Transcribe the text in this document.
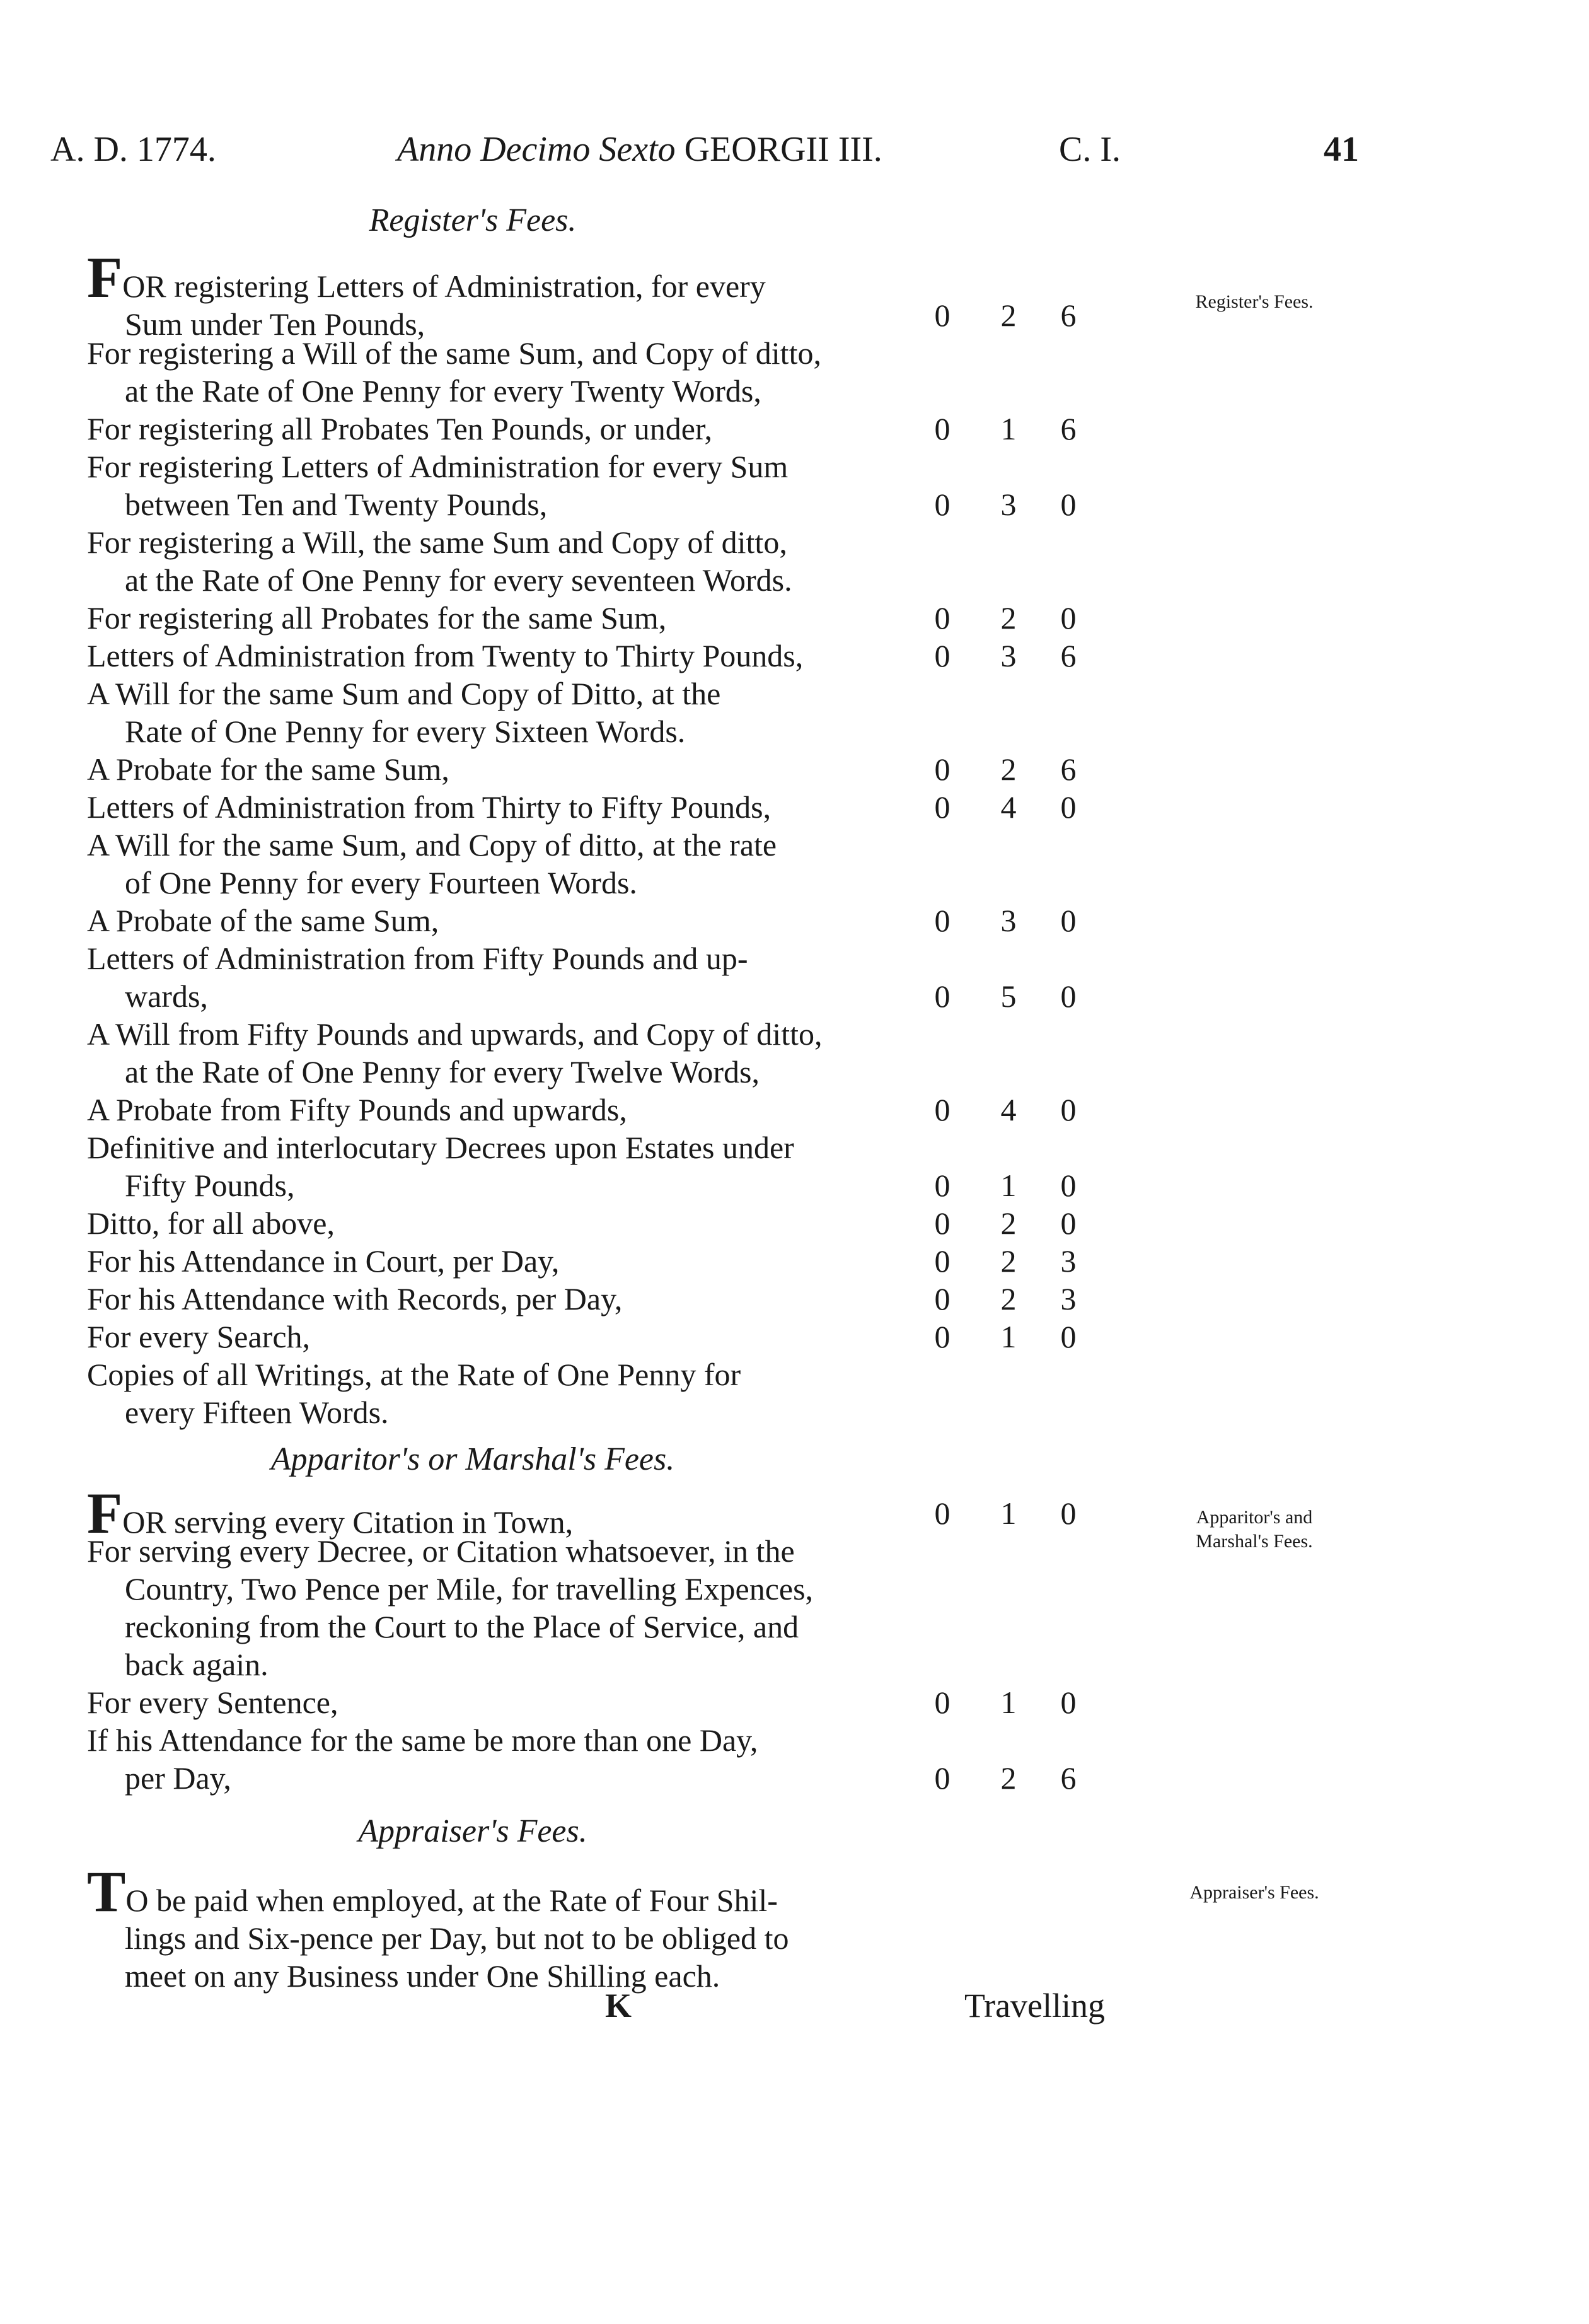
A. D. 1774.	Anno Decimo Sexto GEORGII III.	C. I.	41
Register's Fees.
Register's Fees.
FOR registering Letters of Administration, for every
Sum under Ten Pounds,	0 2 6
For registering a Will of the same Sum, and Copy of ditto,
at the Rate of One Penny for every Twenty Words,
For registering all Probates Ten Pounds, or under,	0 1 6
For registering Letters of Administration for every Sum
between Ten and Twenty Pounds,	0 3 0
For registering a Will, the same Sum and Copy of ditto,
at the Rate of One Penny for every seventeen Words.
For registering all Probates for the same Sum,	0 2 0
Letters of Administration from Twenty to Thirty Pounds,	0 3 6
A Will for the same Sum and Copy of Ditto, at the
Rate of One Penny for every Sixteen Words.
A Probate for the same Sum,	0 2 6
Letters of Administration from Thirty to Fifty Pounds,	0 4 0
A Will for the same Sum, and Copy of ditto, at the rate
of One Penny for every Fourteen Words.
A Probate of the same Sum,	0 3 0
Letters of Administration from Fifty Pounds and up-
wards,	0 5 0
A Will from Fifty Pounds and upwards, and Copy of ditto,
at the Rate of One Penny for every Twelve Words,
A Probate from Fifty Pounds and upwards,	0 4 0
Definitive and interlocutary Decrees upon Estates under
Fifty Pounds,	0 1 0
Ditto, for all above,	0 2 0
For his Attendance in Court, per Day,	0 2 3
For his Attendance with Records, per Day,	0 2 3
For every Search,	0 1 0
Copies of all Writings, at the Rate of One Penny for
every Fifteen Words.
Apparitor's or Marshal's Fees.
Apparitor's and
Marshal's Fees.
FOR serving every Citation in Town,	0 1 0
For serving every Decree, or Citation whatsoever, in the
Country, Two Pence per Mile, for travelling Expences,
reckoning from the Court to the Place of Service, and
back again.
For every Sentence,	0 1 0
If his Attendance for the same be more than one Day,
per Day,	0 2 6
Appraiser's Fees.
Appraiser's Fees.
TO be paid when employed, at the Rate of Four Shil-
lings and Six-pence per Day, but not to be obliged to
meet on any Business under One Shilling each.
K	Travelling
